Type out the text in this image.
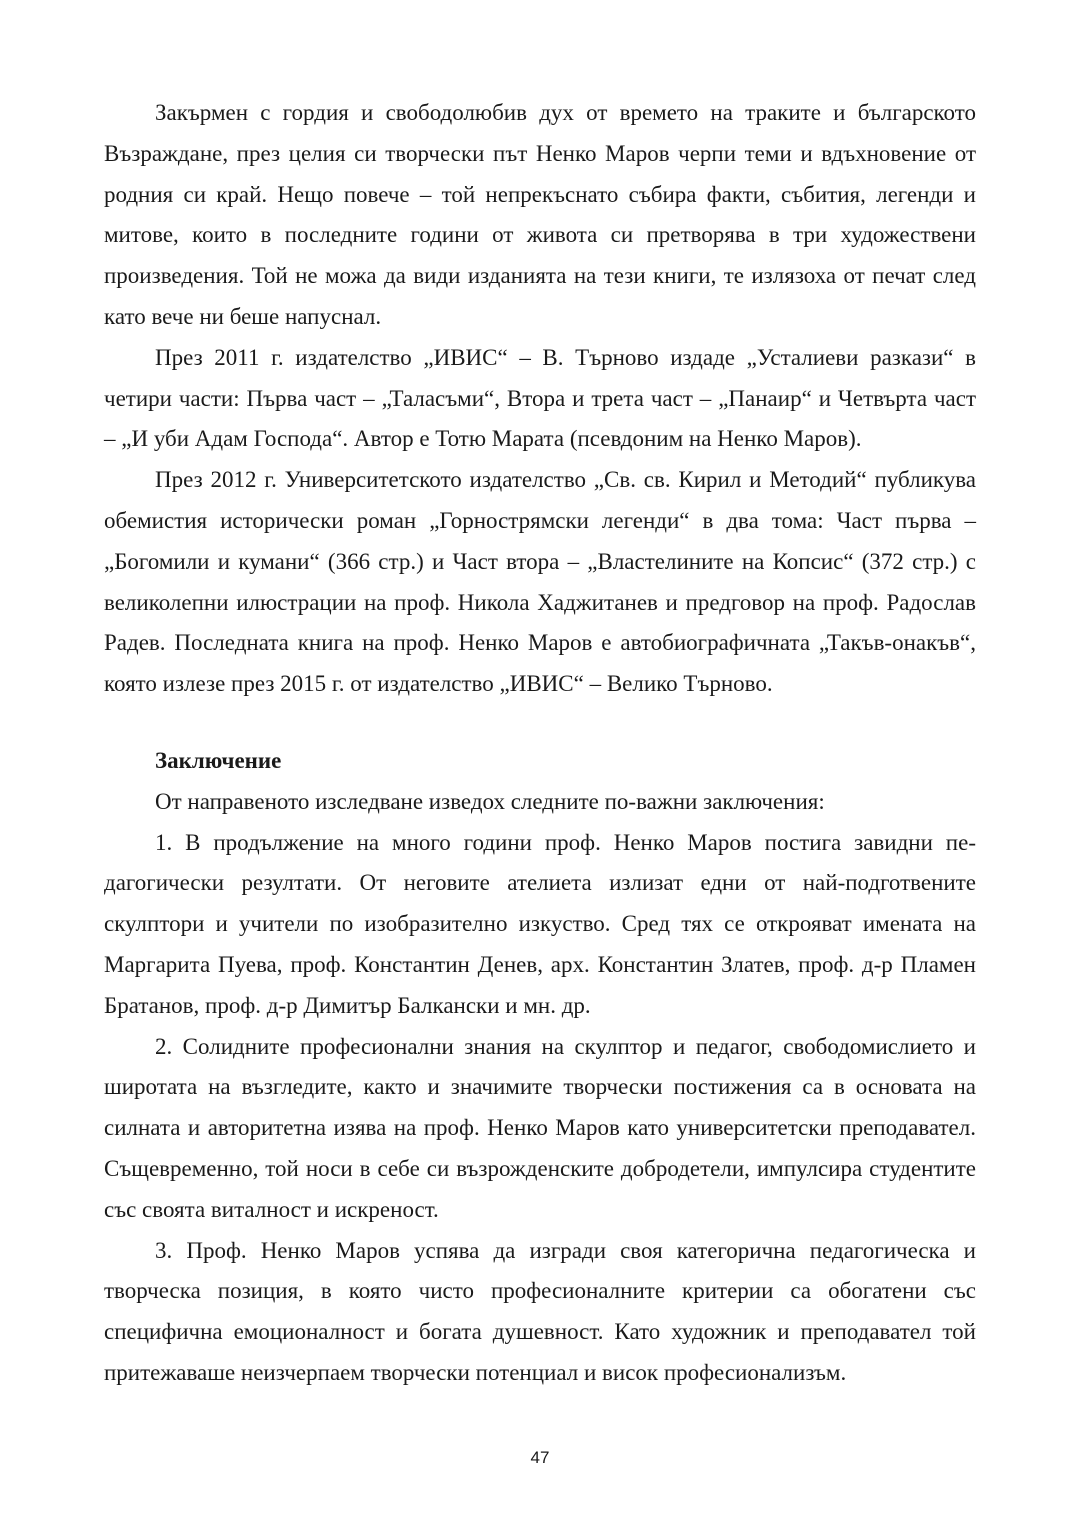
Закърмен с гордия и свободолюбив дух от времето на траките и българското Възраждане, през целия си творчески път Ненко Маров черпи теми и вдъхновение от родния си край. Нещо повече – той непрекъснато събира факти, събития, легенди и митове, които в последните години от живота си претворява в три художествени произведения. Той не можа да види изданията на тези книги, те излязоха от печат след като вече ни беше напуснал.

През 2011 г. издателство „ИВИС“ – В. Търново издаде „Усталиеви разкази“ в четири части: Първа част – „Таласъми“, Втора и трета част – „Панаир“ и Четвърта част – „И уби Адам Господа“. Автор е Тотю Марата (псевдоним на Ненко Маров).

През 2012 г. Университетското издателство „Св. св. Кирил и Методий“ публикува обемистия исторически роман „Горнострямски легенди“ в два тома: Част първа – „Богомили и кумани“ (366 стр.) и Част втора – „Властелините на Копсис“ (372 стр.) с великолепни илюстрации на проф. Никола Хаджитанев и предговор на проф. Радослав Радев. Последната книга на проф. Ненко Маров е автобиографичната „Такъв-онакъв“, която излезе през 2015 г. от издателство „ИВИС“ – Велико Търново.

Заключение

От направеното изследване изведох следните по-важни заключения:

1. В продължение на много години проф. Ненко Маров постига завидни педагогически резултати. От неговите ателиета излизат едни от най-подготвените скулптори и учители по изобразително изкуство. Сред тях се открояват имената на Маргарита Пуева, проф. Константин Денев, арх. Константин Златев, проф. д-р Пламен Братанов, проф. д-р Димитър Балкански и мн. др.

2. Солидните професионални знания на скулптор и педагог, свободомислието и широтата на възгледите, както и значимите творчески постижения са в основата на силната и авторитетна изява на проф. Ненко Маров като университетски преподавател. Същевременно, той носи в себе си възрожденските добродетели, импулсира студентите със своята виталност и искреност.

3. Проф. Ненко Маров успява да изгради своя категорична педагогическа и творческа позиция, в която чисто професионалните критерии са обогатени със специфична емоционалност и богата душевност. Като художник и преподавател той притежаваше неизчерпаем творчески потенциал и висок професионализъм.

47
